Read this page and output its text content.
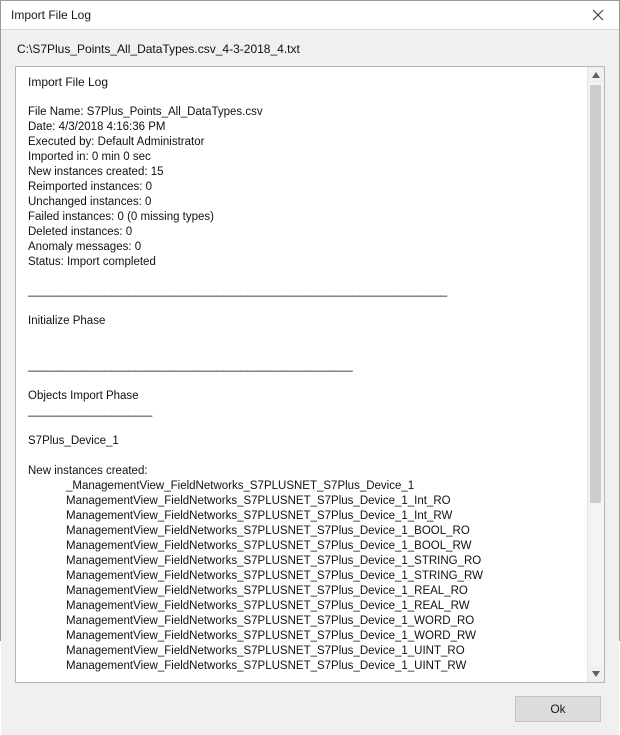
Import File Log
C:\S7Plus_Points_All_DataTypes.csv_4-3-2018_4.txt
Import File Log
File Name: S7Plus_Points_All_DataTypes.csv
Date: 4/3/2018 4:16:36 PM
Executed by: Default Administrator
Imported in: 0 min 0 sec
New instances created: 15
Reimported instances: 0
Unchanged instances: 0
Failed instances: 0 (0 missing types)
Deleted instances: 0
Anomaly messages: 0
Status: Import completed
_______________________________________________________________________
Initialize Phase
_______________________________________________________
Objects Import Phase
_____________________
S7Plus_Device_1
New instances created:
_ManagementView_FieldNetworks_S7PLUSNET_S7Plus_Device_1
ManagementView_FieldNetworks_S7PLUSNET_S7Plus_Device_1_Int_RO
ManagementView_FieldNetworks_S7PLUSNET_S7Plus_Device_1_Int_RW
ManagementView_FieldNetworks_S7PLUSNET_S7Plus_Device_1_BOOL_RO
ManagementView_FieldNetworks_S7PLUSNET_S7Plus_Device_1_BOOL_RW
ManagementView_FieldNetworks_S7PLUSNET_S7Plus_Device_1_STRING_RO
ManagementView_FieldNetworks_S7PLUSNET_S7Plus_Device_1_STRING_RW
ManagementView_FieldNetworks_S7PLUSNET_S7Plus_Device_1_REAL_RO
ManagementView_FieldNetworks_S7PLUSNET_S7Plus_Device_1_REAL_RW
ManagementView_FieldNetworks_S7PLUSNET_S7Plus_Device_1_WORD_RO
ManagementView_FieldNetworks_S7PLUSNET_S7Plus_Device_1_WORD_RW
ManagementView_FieldNetworks_S7PLUSNET_S7Plus_Device_1_UINT_RO
ManagementView_FieldNetworks_S7PLUSNET_S7Plus_Device_1_UINT_RW
Ok
